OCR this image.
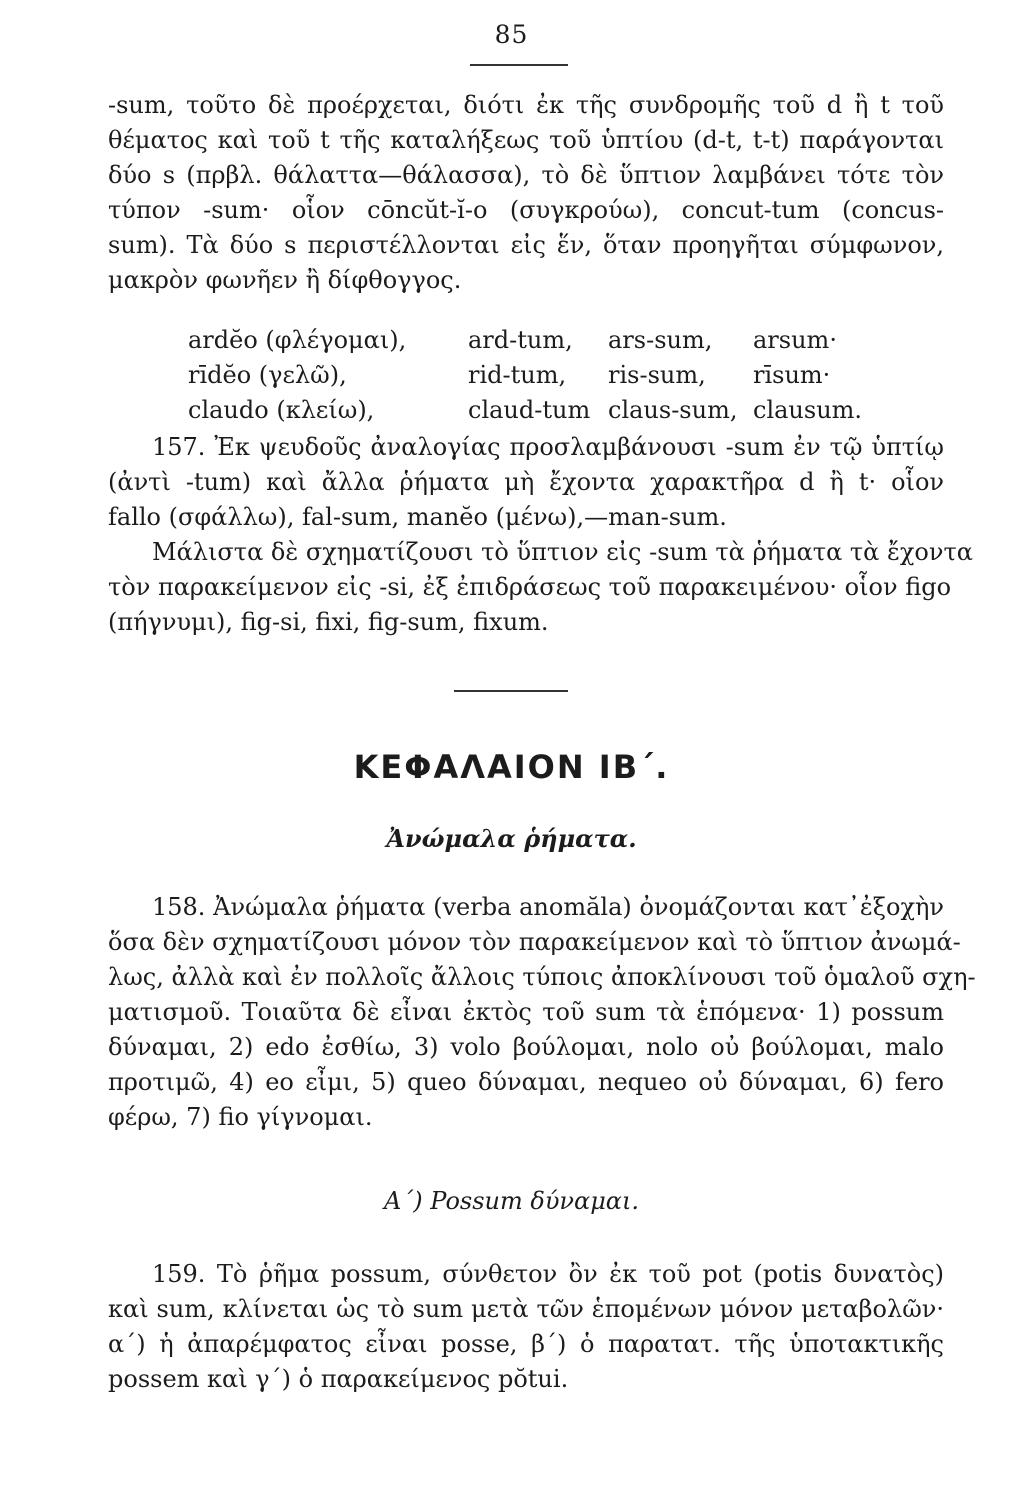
85
-sum, τοῦτο δὲ προέρχεται, διότι ἐκ τῆς συνδρομῆς τοῦ d ἢ t τοῦ
θέματος καὶ τοῦ t τῆς καταλήξεως τοῦ ὑπτίου (d-t, t-t) παράγονται
δύο s (πρβλ. θάλαττα—θάλασσα), τὸ δὲ ὕπτιον λαμβάνει τότε τὸν
τύπον -sum· οἷον cōncŭt-ĭ-o (συγκρούω), concut-tum (concus-
sum). Τὰ δύο s περιστέλλονται εἰς ἕν, ὅταν προηγῆται σύμφωνον,
μακρὸν φωνῆεν ἢ δίφθογγος.
ardĕo (φλέγομαι),	ard-tum,	ars-sum,	arsum·
rīdĕo (γελῶ),	rid-tum,	ris-sum,	rīsum·
claudo (κλείω),	claud-tum claus-sum, clausum.
157. Ἐκ ψευδοῦς ἀναλογίας προσλαμβάνουσι -sum ἐν τῷ ὑπτίῳ
(ἀντὶ -tum) καὶ ἄλλα ῥήματα μὴ ἔχοντα χαρακτῆρα d ἢ t· οἷον
fallo (σφάλλω), fal-sum, manĕo (μένω),—man-sum.
Μάλιστα δὲ σχηματίζουσι τὸ ὕπτιον εἰς -sum τὰ ῥήματα τὰ ἔχοντα
τὸν παρακείμενον εἰς -si, ἐξ ἐπιδράσεως τοῦ παρακειμένου· οἷον figo
(πήγνυμι), fig-si, fixi, fig-sum, fixum.
ΚΕΦΑΛΑΙΟΝ ΙΒ΄.
Ἀνώμαλα ῥήματα.
158. Ἀνώμαλα ῥήματα (verba anomăla) ὀνομάζονται κατ᾽ἐξοχὴν
ὅσα δὲν σχηματίζουσι μόνον τὸν παρακείμενον καὶ τὸ ὕπτιον ἀνωμά-
λως, ἀλλὰ καὶ ἐν πολλοῖς ἄλλοις τύποις ἀποκλίνουσι τοῦ ὁμαλοῦ σχη-
ματισμοῦ. Τοιαῦτα δὲ εἶναι ἐκτὸς τοῦ sum τὰ ἑπόμενα· 1) possum
δύναμαι, 2) edo ἐσθίω, 3) volo βούλομαι, nolo οὐ βούλομαι, malo
προτιμῶ, 4) eo εἶμι, 5) queo δύναμαι, nequeo οὐ δύναμαι, 6) fero
φέρω, 7) fio γίγνομαι.
Α΄) Possum δύναμαι.
159. Τὸ ῥῆμα possum, σύνθετον ὂν ἐκ τοῦ pot (potis δυνατὸς)
καὶ sum, κλίνεται ὡς τὸ sum μετὰ τῶν ἑπομένων μόνον μεταβολῶν·
α΄) ἡ ἀπαρέμφατος εἶναι posse, β΄) ὁ παρατατ. τῆς ὑποτακτικῆς
possem καὶ γ΄) ὁ παρακείμενος pŏtui.
